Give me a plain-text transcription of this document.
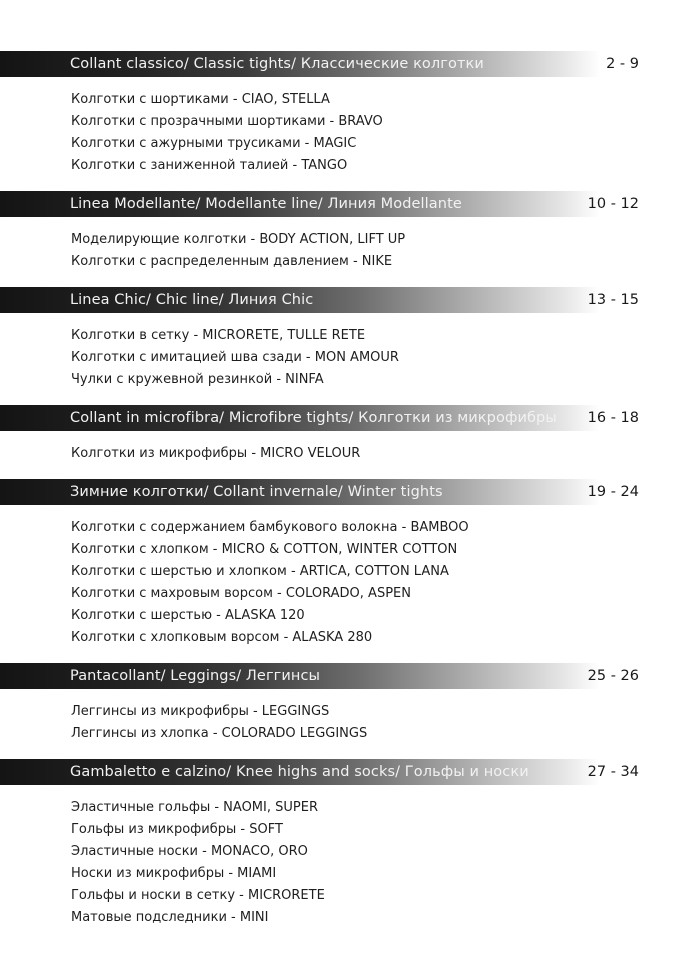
Collant classico/ Classic tights/ Классические колготки	2 - 9
Колготки с шортиками - CIAO, STELLA
Колготки с прозрачными шортиками - BRAVO
Колготки с ажурными трусиками - MAGIC
Колготки с заниженной талией - TANGO
Linea Modellante/ Modellante line/ Линия Modellante	10 - 12
Моделирующие колготки - BODY ACTION, LIFT UP
Колготки с распределенным давлением - NIKE
Linea Chic/ Chic line/ Линия Chic	13 - 15
Колготки в сетку - MICRORETE, TULLE RETE
Колготки с имитацией шва сзади - MON AMOUR
Чулки с кружевной резинкой - NINFA
Collant in microfibra/ Microfibre tights/ Колготки из микрофибры 16 - 18
Колготки из микрофибры - MICRO VELOUR
Зимние колготки/ Collant invernale/ Winter tights	19 - 24
Колготки с содержанием бамбукового волокна - BAMBOO
Колготки с хлопком - MICRO & COTTON, WINTER COTTON
Колготки с шерстью и хлопком - ARTICA, COTTON LANA
Колготки с махровым ворсом - COLORADO, ASPEN
Колготки с шерстью - ALASKA 120
Колготки с хлопковым ворсом - ALASKA 280
Pantacollant/ Leggings/ Леггинсы	25 - 26
Леггинсы из микрофибры - LEGGINGS
Леггинсы из хлопка - COLORADO LEGGINGS
Gambaletto e calzino/ Knee highs and socks/ Гольфы и носки	27 - 34
Эластичные гольфы - NAOMI, SUPER
Гольфы из микрофибры - SOFT
Эластичные носки - MONACO, ORO
Носки из микрофибры - MIAMI
Гольфы и носки в сетку - MICRORETE
Матовые подследники - MINI
